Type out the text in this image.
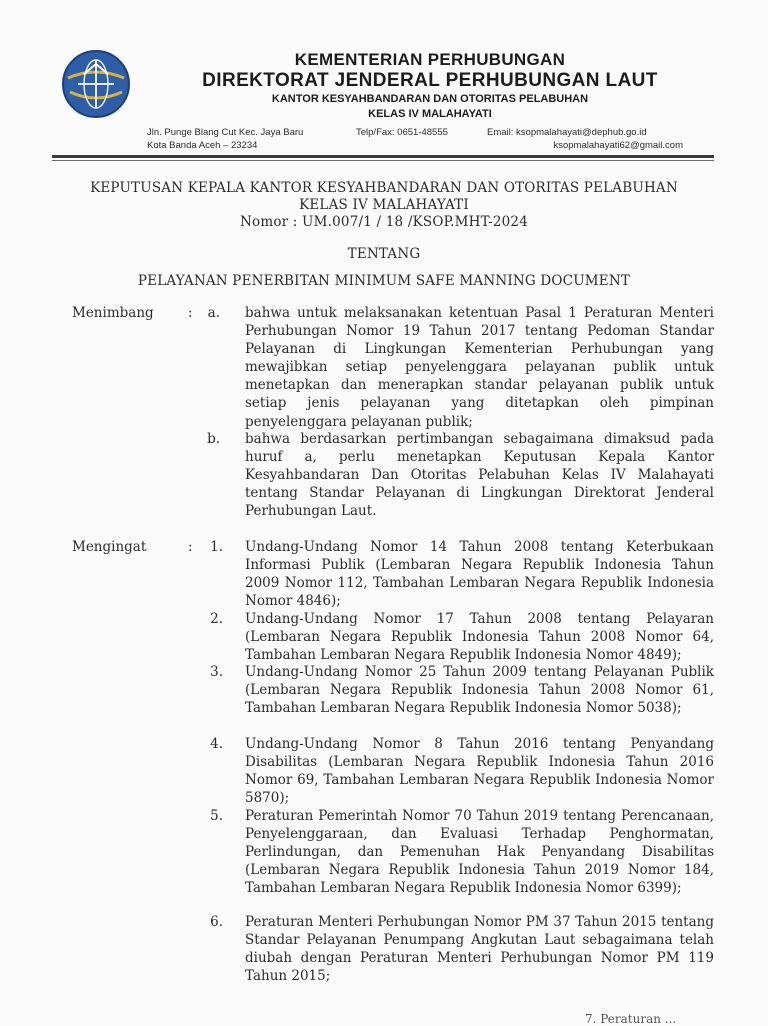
KEMENTERIAN PERHUBUNGAN
DIREKTORAT JENDERAL PERHUBUNGAN LAUT
KANTOR KESYAHBANDARAN DAN OTORITAS PELABUHAN
KELAS IV MALAHAYATI
Jln. Punge Blang Cut Kec. Jaya Baru
Kota Banda Aceh – 23234
Telp/Fax: 0651-48555	Email: ksopmalahayati@dephub.go.id
ksopmalahayati62@gmail.com
KEPUTUSAN KEPALA KANTOR KESYAHBANDARAN DAN OTORITAS PELABUHAN
KELAS IV MALAHAYATI
Nomor : UM.007/1 / 18 /KSOP.MHT-2024
TENTANG
PELAYANAN PENERBITAN MINIMUM SAFE MANNING DOCUMENT
Menimbang	:	a. bahwa untuk melaksanakan ketentuan Pasal 1 Peraturan Menteri Perhubungan Nomor 19 Tahun 2017 tentang Pedoman Standar Pelayanan di Lingkungan Kementerian Perhubungan yang mewajibkan setiap penyelenggara pelayanan publik untuk menetapkan dan menerapkan standar pelayanan publik untuk setiap jenis pelayanan yang ditetapkan oleh pimpinan penyelenggara pelayanan publik;
b. bahwa berdasarkan pertimbangan sebagaimana dimaksud pada huruf a, perlu menetapkan Keputusan Kepala Kantor Kesyahbandaran Dan Otoritas Pelabuhan Kelas IV Malahayati tentang Standar Pelayanan di Lingkungan Direktorat Jenderal Perhubungan Laut.
Mengingat	:	1. Undang-Undang Nomor 14 Tahun 2008 tentang Keterbukaan Informasi Publik (Lembaran Negara Republik Indonesia Tahun 2009 Nomor 112, Tambahan Lembaran Negara Republik Indonesia Nomor 4846);
2. Undang-Undang Nomor 17 Tahun 2008 tentang Pelayaran (Lembaran Negara Republik Indonesia Tahun 2008 Nomor 64, Tambahan Lembaran Negara Republik Indonesia Nomor 4849);
3. Undang-Undang Nomor 25 Tahun 2009 tentang Pelayanan Publik (Lembaran Negara Republik Indonesia Tahun 2008 Nomor 61, Tambahan Lembaran Negara Republik Indonesia Nomor 5038);
4. Undang-Undang Nomor 8 Tahun 2016 tentang Penyandang Disabilitas (Lembaran Negara Republik Indonesia Tahun 2016 Nomor 69, Tambahan Lembaran Negara Republik Indonesia Nomor 5870);
5. Peraturan Pemerintah Nomor 70 Tahun 2019 tentang Perencanaan, Penyelenggaraan, dan Evaluasi Terhadap Penghormatan, Perlindungan, dan Pemenuhan Hak Penyandang Disabilitas (Lembaran Negara Republik Indonesia Tahun 2019 Nomor 184, Tambahan Lembaran Negara Republik Indonesia Nomor 6399);
6. Peraturan Menteri Perhubungan Nomor PM 37 Tahun 2015 tentang Standar Pelayanan Penumpang Angkutan Laut sebagaimana telah diubah dengan Peraturan Menteri Perhubungan Nomor PM 119 Tahun 2015;
7. Peraturan ...
